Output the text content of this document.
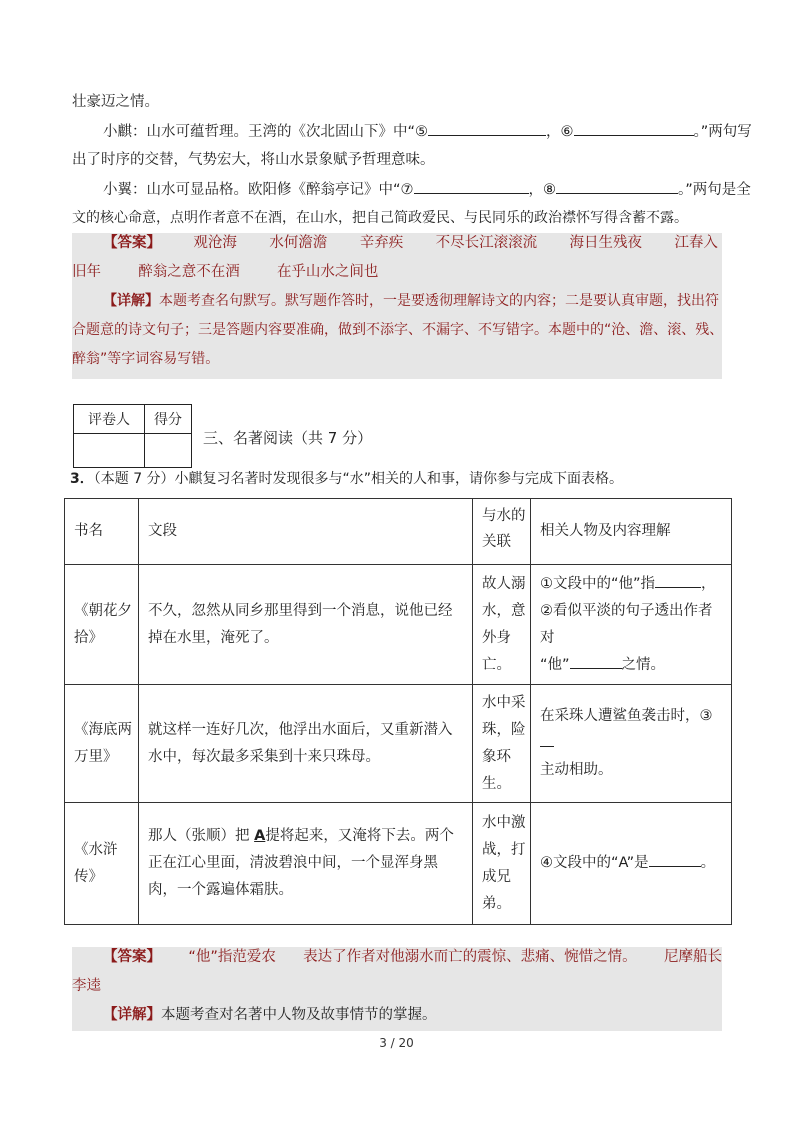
壮豪迈之情。
小麒：山水可蕴哲理。王湾的《次北固山下》中“⑤	，⑥	。”两句写
出了时序的交替，气势宏大，将山水景象赋予哲理意味。
小翼：山水可显品格。欧阳修《醉翁亭记》中“⑦	，⑧	。”两句是全
文的核心命意，点明作者意不在酒，在山水，把自己简政爱民、与民同乐的政治襟怀写得含蓄不露。
【答案】 观沧海 水何澹澹 辛弃疾 不尽长江滚滚流 海日生残夜 江春入
旧年	醉翁之意不在酒	在乎山水之间也
【详解】本题考查名句默写。默写题作答时，一是要透彻理解诗文的内容；二是要认真审题，找出符
合题意的诗文句子；三是答题内容要准确，做到不添字、不漏字、不写错字。本题中的“沧、澹、滚、残、
醉翁”等字词容易写错。
评卷人	得分

三、名著阅读（共 7 分）
3．（本题 7 分）小麒复习名著时发现很多与“水”相关的人和事，请你参与完成下面表格。
书名	文段	与水的关联	相关人物及内容理解
《朝花夕拾》	不久，忽然从同乡那里得到一个消息，说他已经掉在水里，淹死了。	故人溺水，意外身亡。	①文段中的“他”指 ，
②看似平淡的句子透出作者对
“他” 之情。

《海底两万里》	就这样一连好几次，他浮出水面后，又重新潜入水中，每次最多采集到十来只珠母。	水中采珠，险象环生。	在采珠人遭鲨鱼袭击时，③
主动相助。

《水浒传》	那人（张顺）把 A提将起来，又淹将下去。两个正在江心里面，清波碧浪中间，一个显浑身黑肉，一个露遍体霜肤。	水中激战，打成兄弟。	④文段中的“A”是 。
【答案】 “他”指范爱农 表达了作者对他溺水而亡的震惊、悲痛、惋惜之情。 尼摩船长
李逵
【详解】本题考查对名著中人物及故事情节的掌握。
3 / 20
